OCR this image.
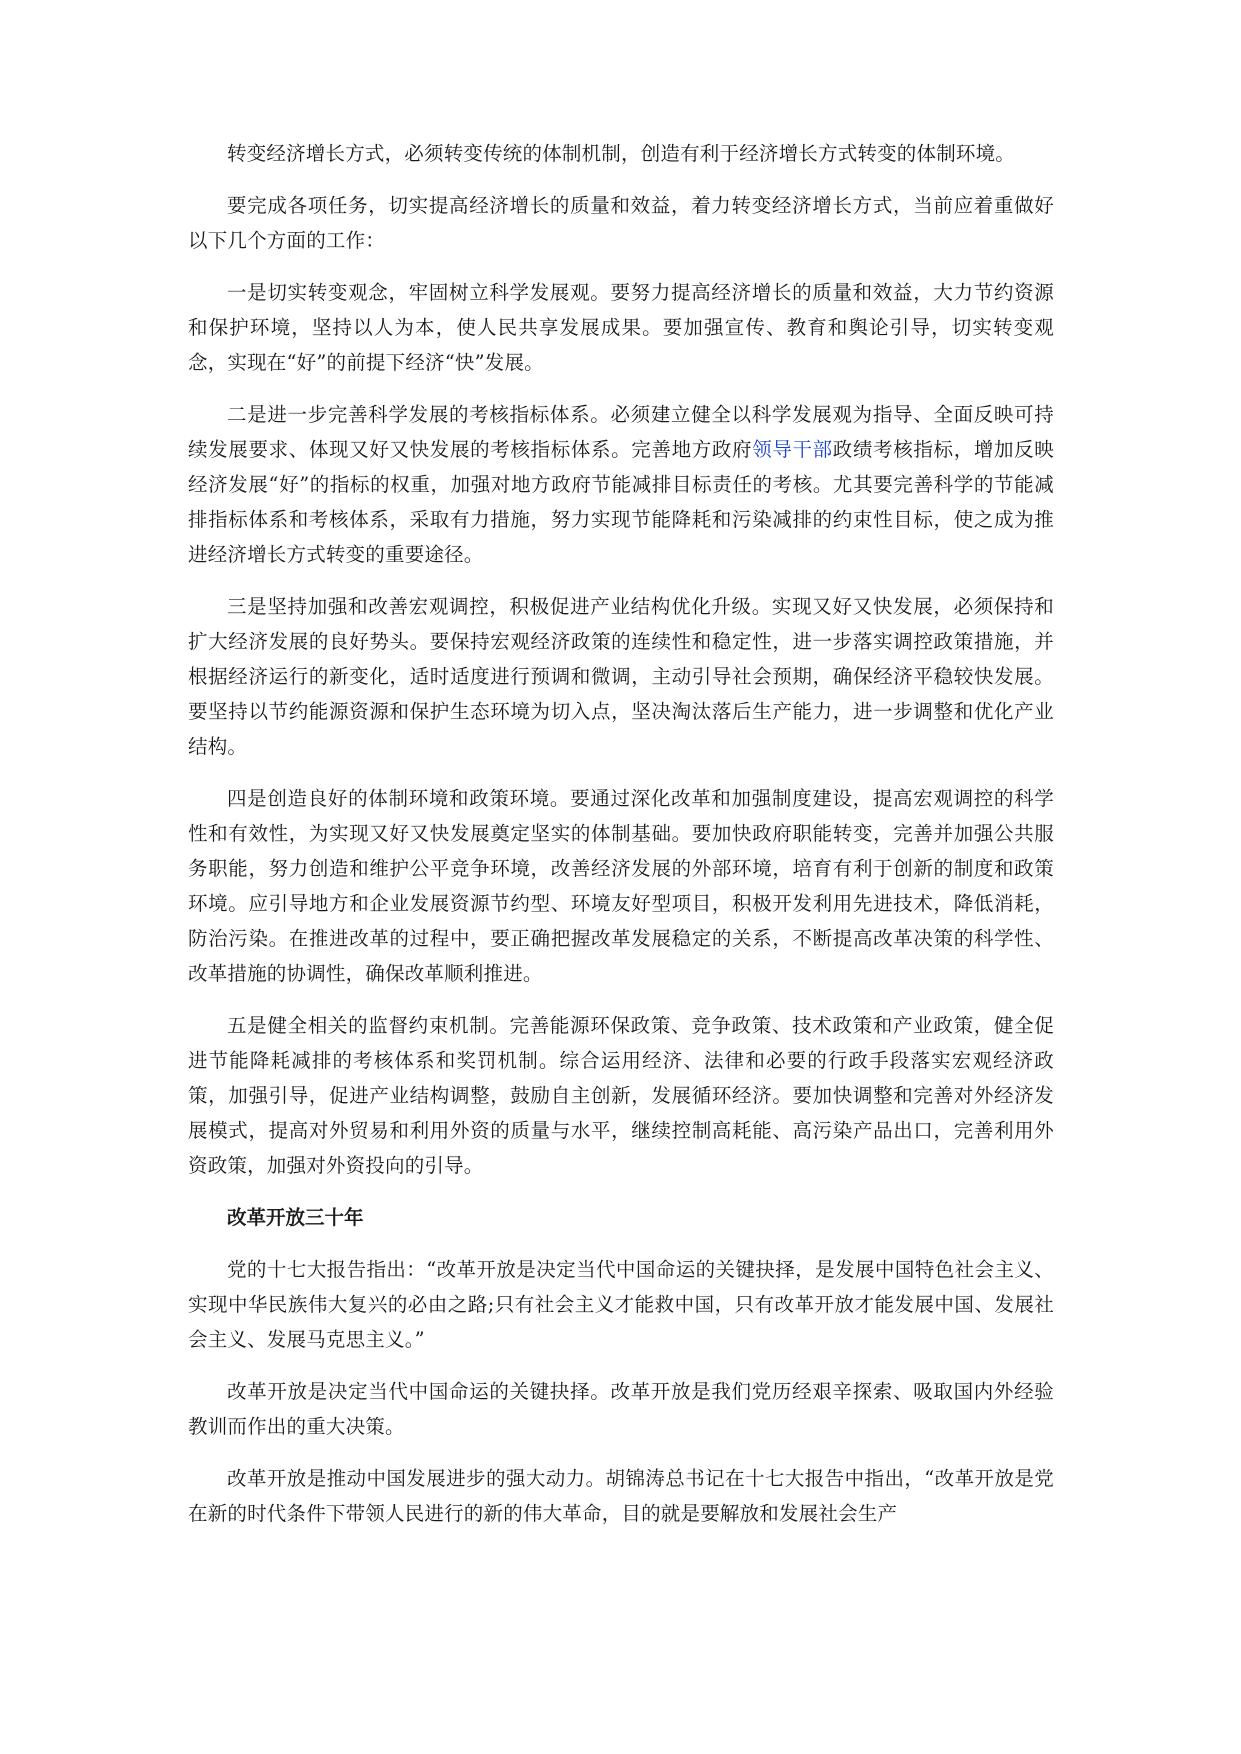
转变经济增长方式，必须转变传统的体制机制，创造有利于经济增长方式转变的体制环境。

要完成各项任务，切实提高经济增长的质量和效益，着力转变经济增长方式，当前应着重做好以下几个方面的工作：

一是切实转变观念，牢固树立科学发展观。要努力提高经济增长的质量和效益，大力节约资源和保护环境，坚持以人为本，使人民共享发展成果。要加强宣传、教育和舆论引导，切实转变观念，实现在“好”的前提下经济“快”发展。

二是进一步完善科学发展的考核指标体系。必须建立健全以科学发展观为指导、全面反映可持续发展要求、体现又好又快发展的考核指标体系。完善地方政府领导干部政绩考核指标，增加反映经济发展“好”的指标的权重，加强对地方政府节能减排目标责任的考核。尤其要完善科学的节能减排指标体系和考核体系，采取有力措施，努力实现节能降耗和污染减排的约束性目标，使之成为推进经济增长方式转变的重要途径。

三是坚持加强和改善宏观调控，积极促进产业结构优化升级。实现又好又快发展，必须保持和扩大经济发展的良好势头。要保持宏观经济政策的连续性和稳定性，进一步落实调控政策措施，并根据经济运行的新变化，适时适度进行预调和微调，主动引导社会预期，确保经济平稳较快发展。要坚持以节约能源资源和保护生态环境为切入点，坚决淘汰落后生产能力，进一步调整和优化产业结构。

四是创造良好的体制环境和政策环境。要通过深化改革和加强制度建设，提高宏观调控的科学性和有效性，为实现又好又快发展奠定坚实的体制基础。要加快政府职能转变，完善并加强公共服务职能，努力创造和维护公平竞争环境，改善经济发展的外部环境，培育有利于创新的制度和政策环境。应引导地方和企业发展资源节约型、环境友好型项目，积极开发利用先进技术，降低消耗，防治污染。在推进改革的过程中，要正确把握改革发展稳定的关系，不断提高改革决策的科学性、改革措施的协调性，确保改革顺利推进。

五是健全相关的监督约束机制。完善能源环保政策、竞争政策、技术政策和产业政策，健全促进节能降耗减排的考核体系和奖罚机制。综合运用经济、法律和必要的行政手段落实宏观经济政策，加强引导，促进产业结构调整，鼓励自主创新，发展循环经济。要加快调整和完善对外经济发展模式，提高对外贸易和利用外资的质量与水平，继续控制高耗能、高污染产品出口，完善利用外资政策，加强对外资投向的引导。

改革开放三十年

党的十七大报告指出：“改革开放是决定当代中国命运的关键抉择，是发展中国特色社会主义、实现中华民族伟大复兴的必由之路;只有社会主义才能救中国，只有改革开放才能发展中国、发展社会主义、发展马克思主义。”

改革开放是决定当代中国命运的关键抉择。改革开放是我们党历经艰辛探索、吸取国内外经验教训而作出的重大决策。

改革开放是推动中国发展进步的强大动力。胡锦涛总书记在十七大报告中指出，“改革开放是党在新的时代条件下带领人民进行的新的伟大革命，目的就是要解放和发展社会生产
